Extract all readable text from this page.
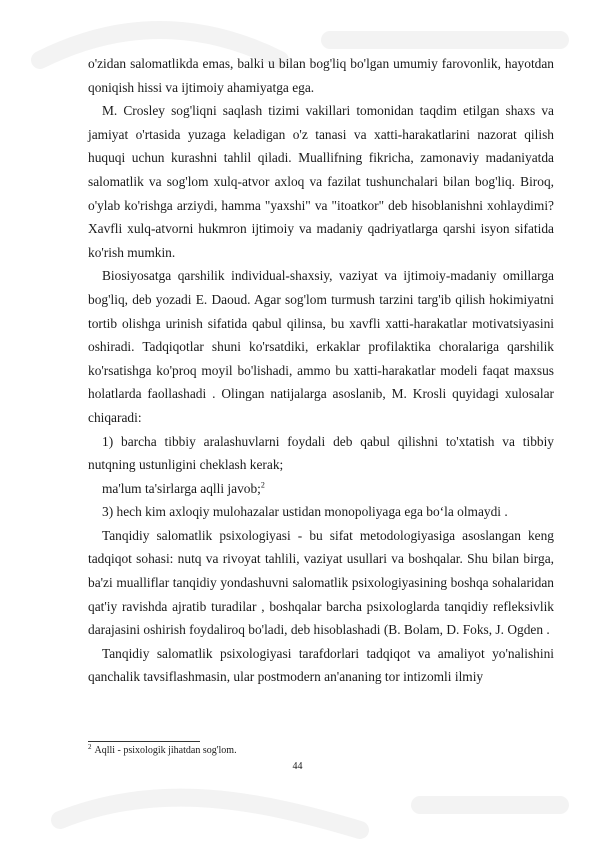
o'zidan salomatlikda emas, balki u bilan bog'liq bo'lgan umumiy farovonlik, hayotdan qoniqish hissi va ijtimoiy ahamiyatga ega.

M. Crosley sog'liqni saqlash tizimi vakillari tomonidan taqdim etilgan shaxs va jamiyat o'rtasida yuzaga keladigan o'z tanasi va xatti-harakatlarini nazorat qilish huquqi uchun kurashni tahlil qiladi. Muallifning fikricha, zamonaviy madaniyatda salomatlik va sog'lom xulq-atvor axloq va fazilat tushunchalari bilan bog'liq. Biroq, o'ylab ko'rishga arziydi, hamma "yaxshi" va "itoatkor" deb hisoblanishni xohlaydimi? Xavfli xulq-atvorni hukmron ijtimoiy va madaniy qadriyatlarga qarshi isyon sifatida ko'rish mumkin.

Biosiyosatga qarshilik individual-shaxsiy, vaziyat va ijtimoiy-madaniy omillarga bog'liq, deb yozadi E. Daoud. Agar sog'lom turmush tarzini targ'ib qilish hokimiyatni tortib olishga urinish sifatida qabul qilinsa, bu xavfli xatti-harakatlar motivatsiyasini oshiradi. Tadqiqotlar shuni ko'rsatdiki, erkaklar profilaktika choralariga qarshilik ko'rsatishga ko'proq moyil bo'lishadi, ammo bu xatti-harakatlar modeli faqat maxsus holatlarda faollashadi . Olingan natijalarga asoslanib, M. Krosli quyidagi xulosalar chiqaradi:

1) barcha tibbiy aralashuvlarni foydali deb qabul qilishni to'xtatish va tibbiy nutqning ustunligini cheklash kerak;

ma'lum ta'sirlarga aqlli javob;$^2$

3) hech kim axloqiy mulohazalar ustidan monopoliyaga ega bo‘la olmaydi .

Tanqidiy salomatlik psixologiyasi - bu sifat metodologiyasiga asoslangan keng tadqiqot sohasi: nutq va rivoyat tahlili, vaziyat usullari va boshqalar. Shu bilan birga, ba'zi mualliflar tanqidiy yondashuvni salomatlik psixologiyasining boshqa sohalaridan qat'iy ravishda ajratib turadilar , boshqalar barcha psixologlarda tanqidiy refleksivlik darajasini oshirish foydaliroq bo'ladi, deb hisoblashadi (B. Bolam, D. Foks, J. Ogden .

Tanqidiy salomatlik psixologiyasi tarafdorlari tadqiqot va amaliyot yo'nalishini qanchalik tavsiflashmasin, ular postmodern an'ananing tor intizomli ilmiy

$^2$ Aqlli - psixologik jihatdan sog'lom.
44
